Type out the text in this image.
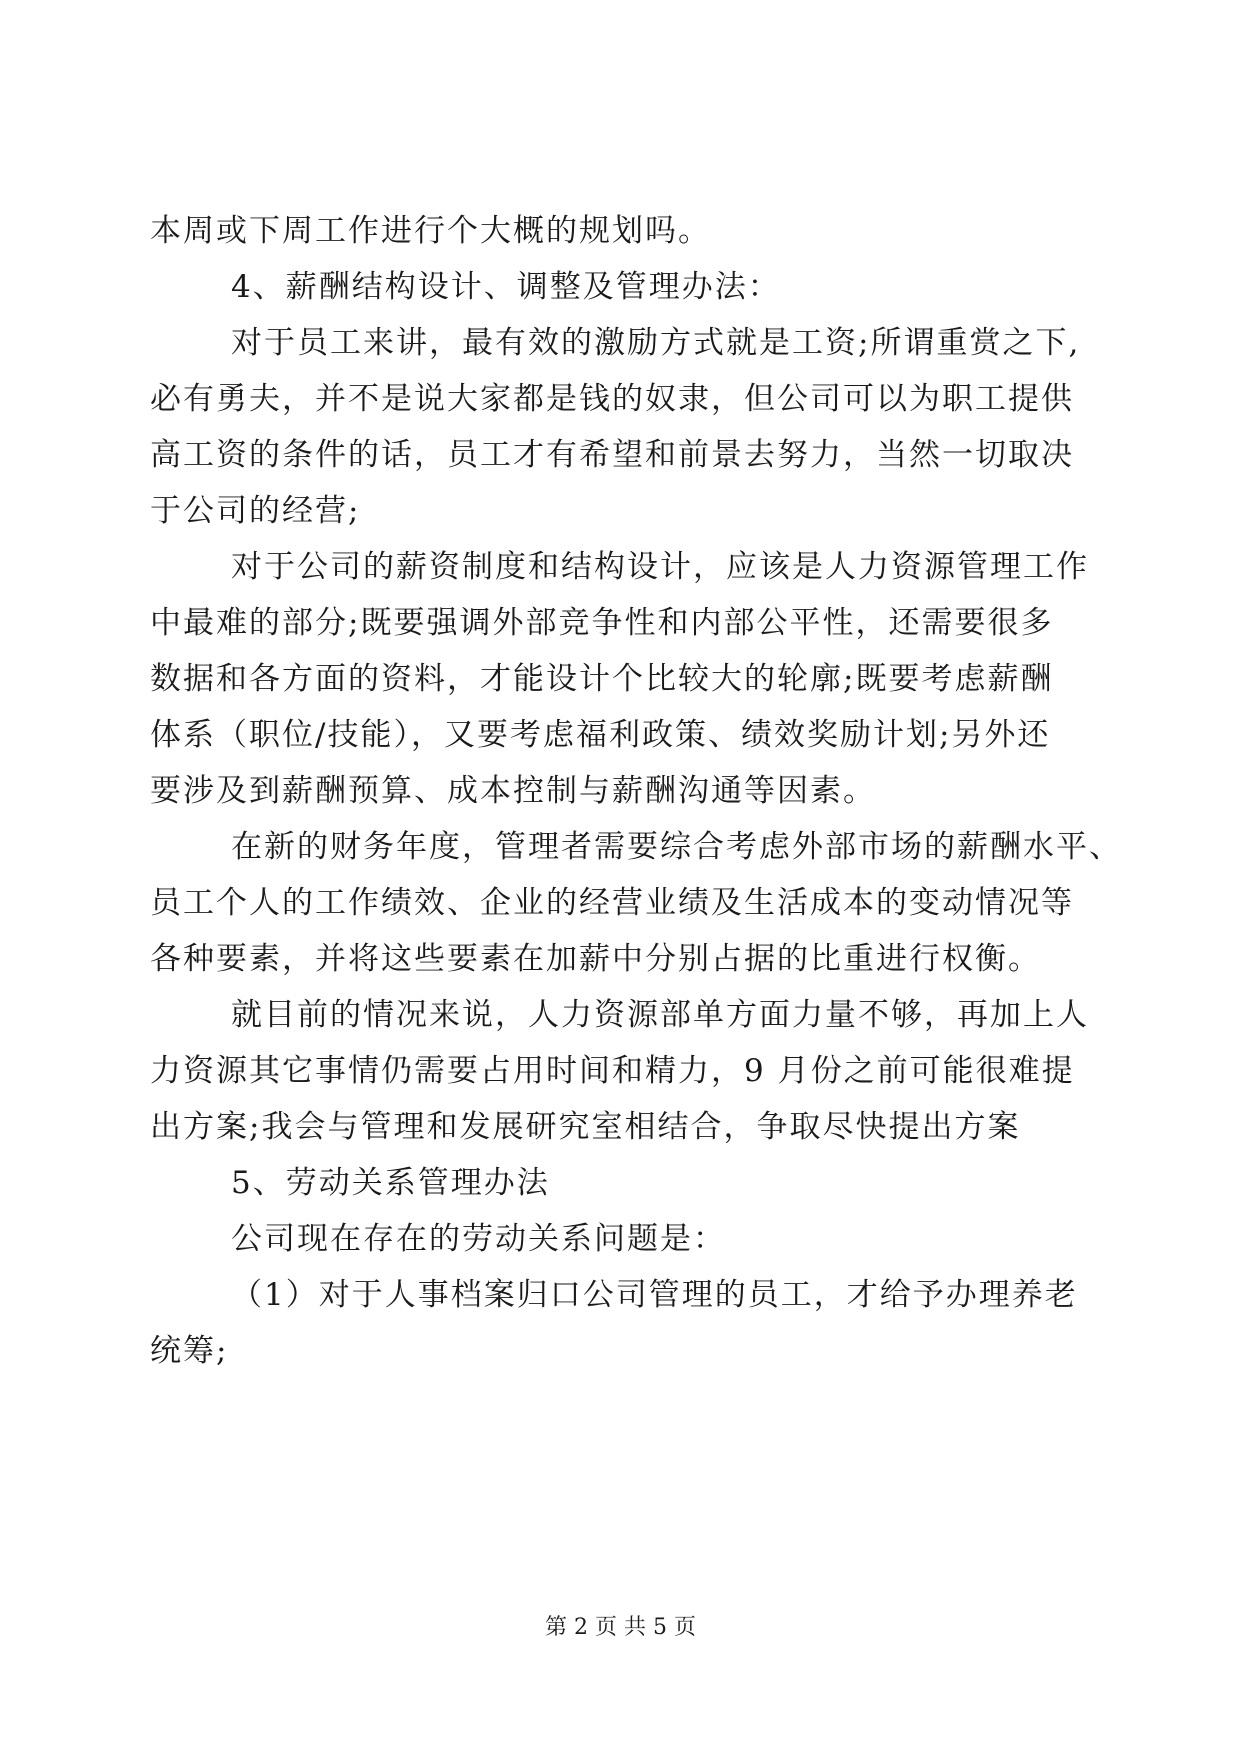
本周或下周工作进行个大概的规划吗。
4、薪酬结构设计、调整及管理办法：
对于员工来讲，最有效的激励方式就是工资;所谓重赏之下,
必有勇夫，并不是说大家都是钱的奴隶，但公司可以为职工提供
高工资的条件的话，员工才有希望和前景去努力，当然一切取决
于公司的经营;
对于公司的薪资制度和结构设计，应该是人力资源管理工作
中最难的部分;既要强调外部竞争性和内部公平性，还需要很多
数据和各方面的资料，才能设计个比较大的轮廓;既要考虑薪酬
体系（职位/技能），又要考虑福利政策、绩效奖励计划;另外还
要涉及到薪酬预算、成本控制与薪酬沟通等因素。
在新的财务年度，管理者需要综合考虑外部市场的薪酬水平、
员工个人的工作绩效、企业的经营业绩及生活成本的变动情况等
各种要素，并将这些要素在加薪中分别占据的比重进行权衡。
就目前的情况来说，人力资源部单方面力量不够，再加上人
力资源其它事情仍需要占用时间和精力，9 月份之前可能很难提
出方案;我会与管理和发展研究室相结合，争取尽快提出方案
5、劳动关系管理办法
公司现在存在的劳动关系问题是：
（1）对于人事档案归口公司管理的员工，才给予办理养老
统筹;
第 2 页 共 5 页
